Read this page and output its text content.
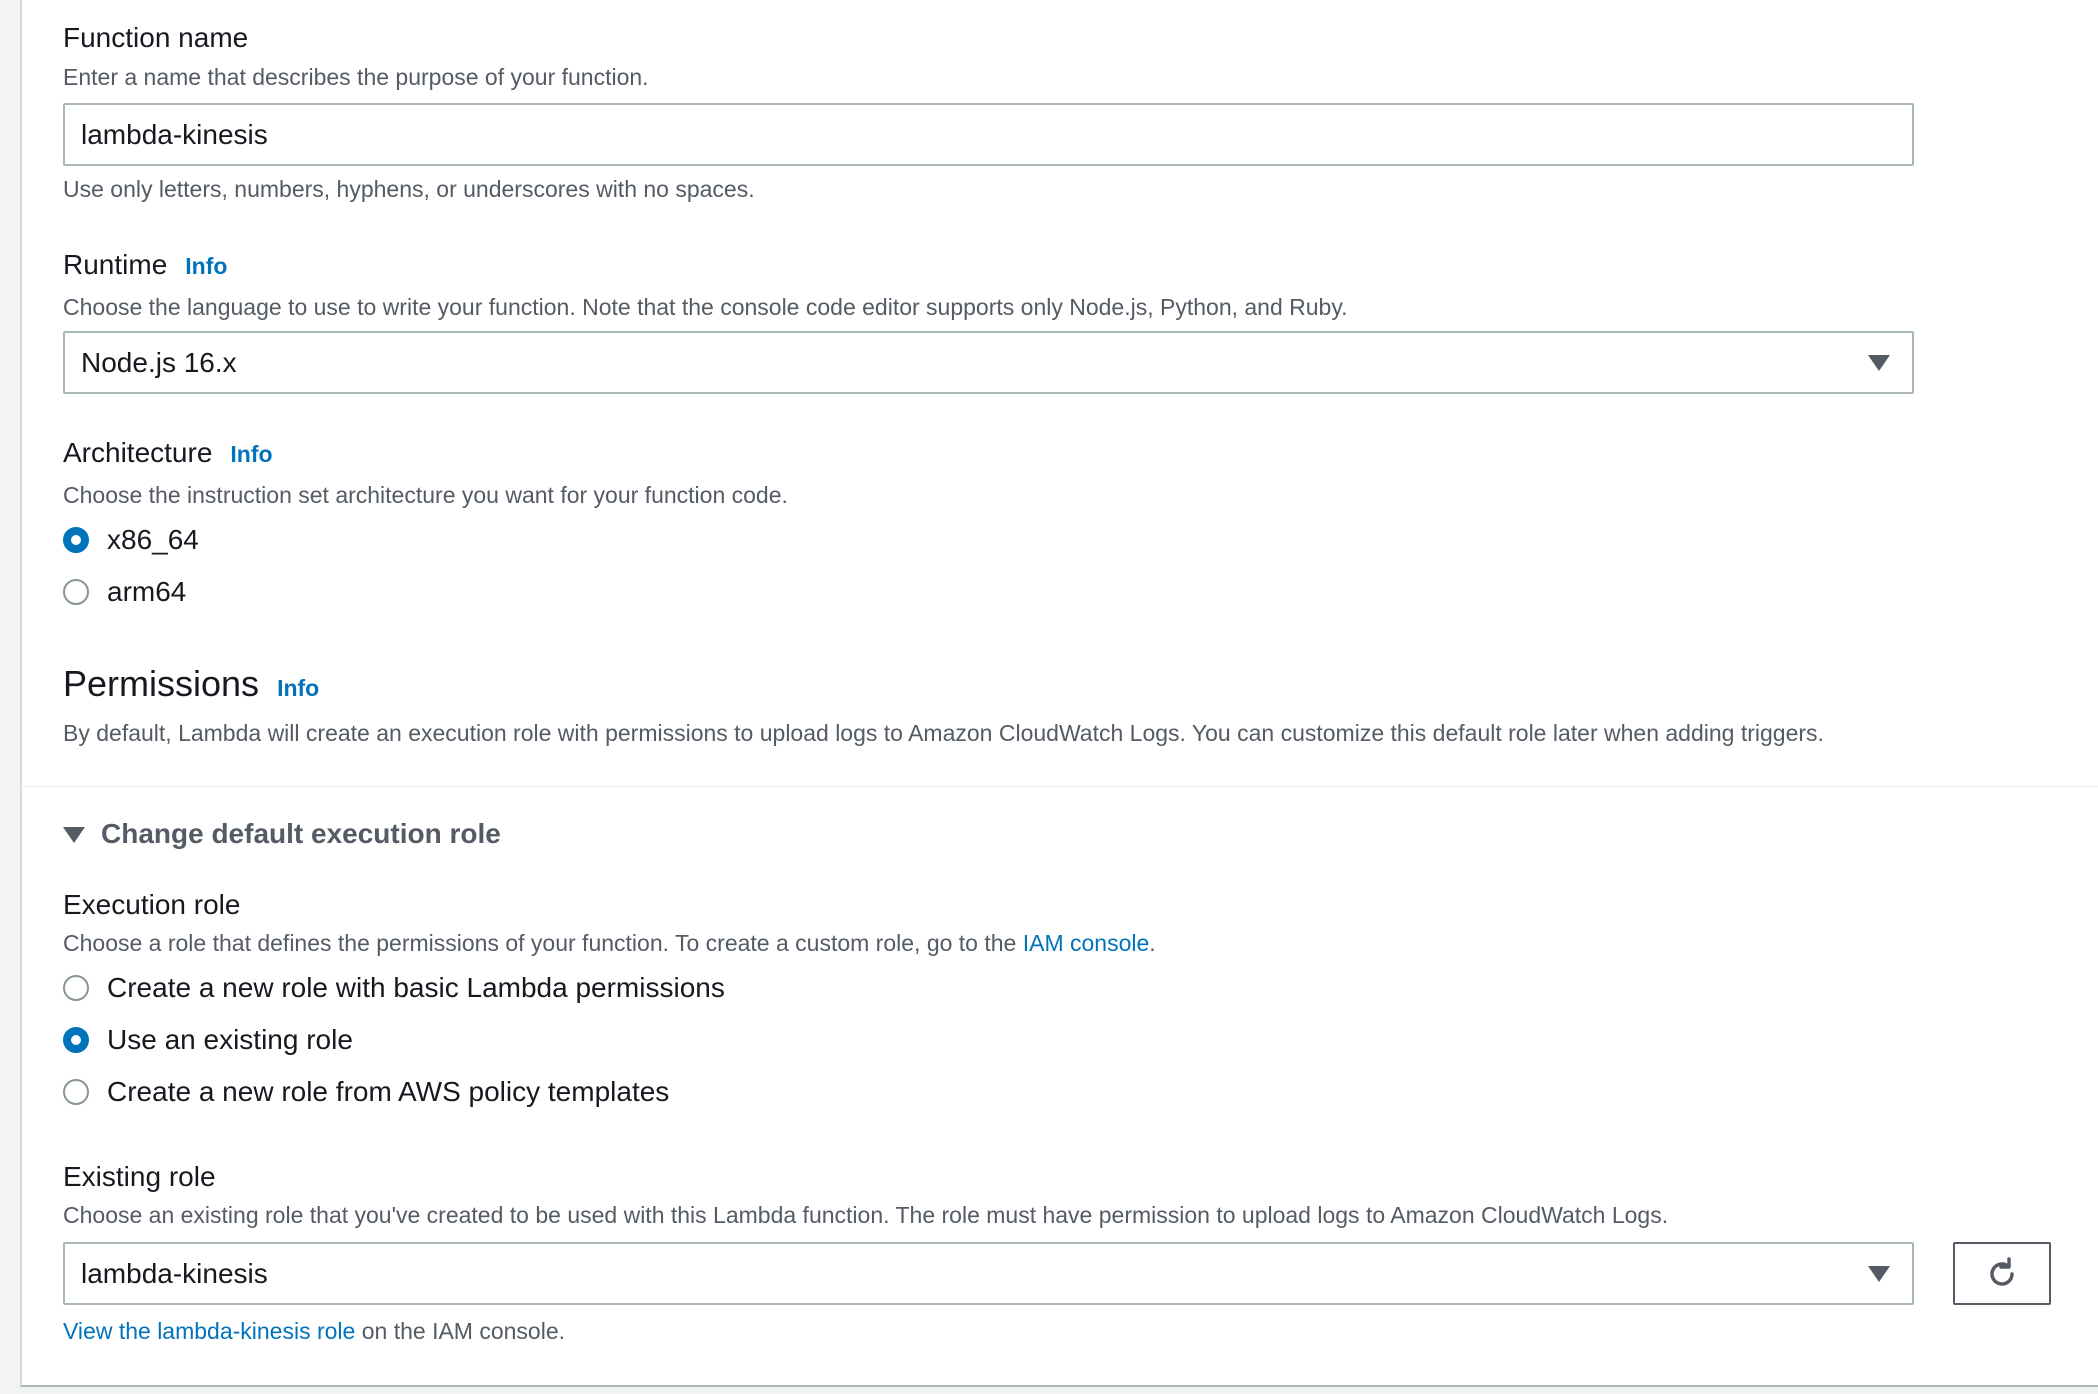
Function name
Enter a name that describes the purpose of your function.
lambda-kinesis
Use only letters, numbers, hyphens, or underscores with no spaces.
Runtime Info
Choose the language to use to write your function. Note that the console code editor supports only Node.js, Python, and Ruby.
Node.js 16.x
Architecture Info
Choose the instruction set architecture you want for your function code.
x86_64
arm64
Permissions Info
By default, Lambda will create an execution role with permissions to upload logs to Amazon CloudWatch Logs. You can customize this default role later when adding triggers.
Change default execution role
Execution role
Choose a role that defines the permissions of your function. To create a custom role, go to the IAM console.
Create a new role with basic Lambda permissions
Use an existing role
Create a new role from AWS policy templates
Existing role
Choose an existing role that you've created to be used with this Lambda function. The role must have permission to upload logs to Amazon CloudWatch Logs.
lambda-kinesis
View the lambda-kinesis role on the IAM console.
